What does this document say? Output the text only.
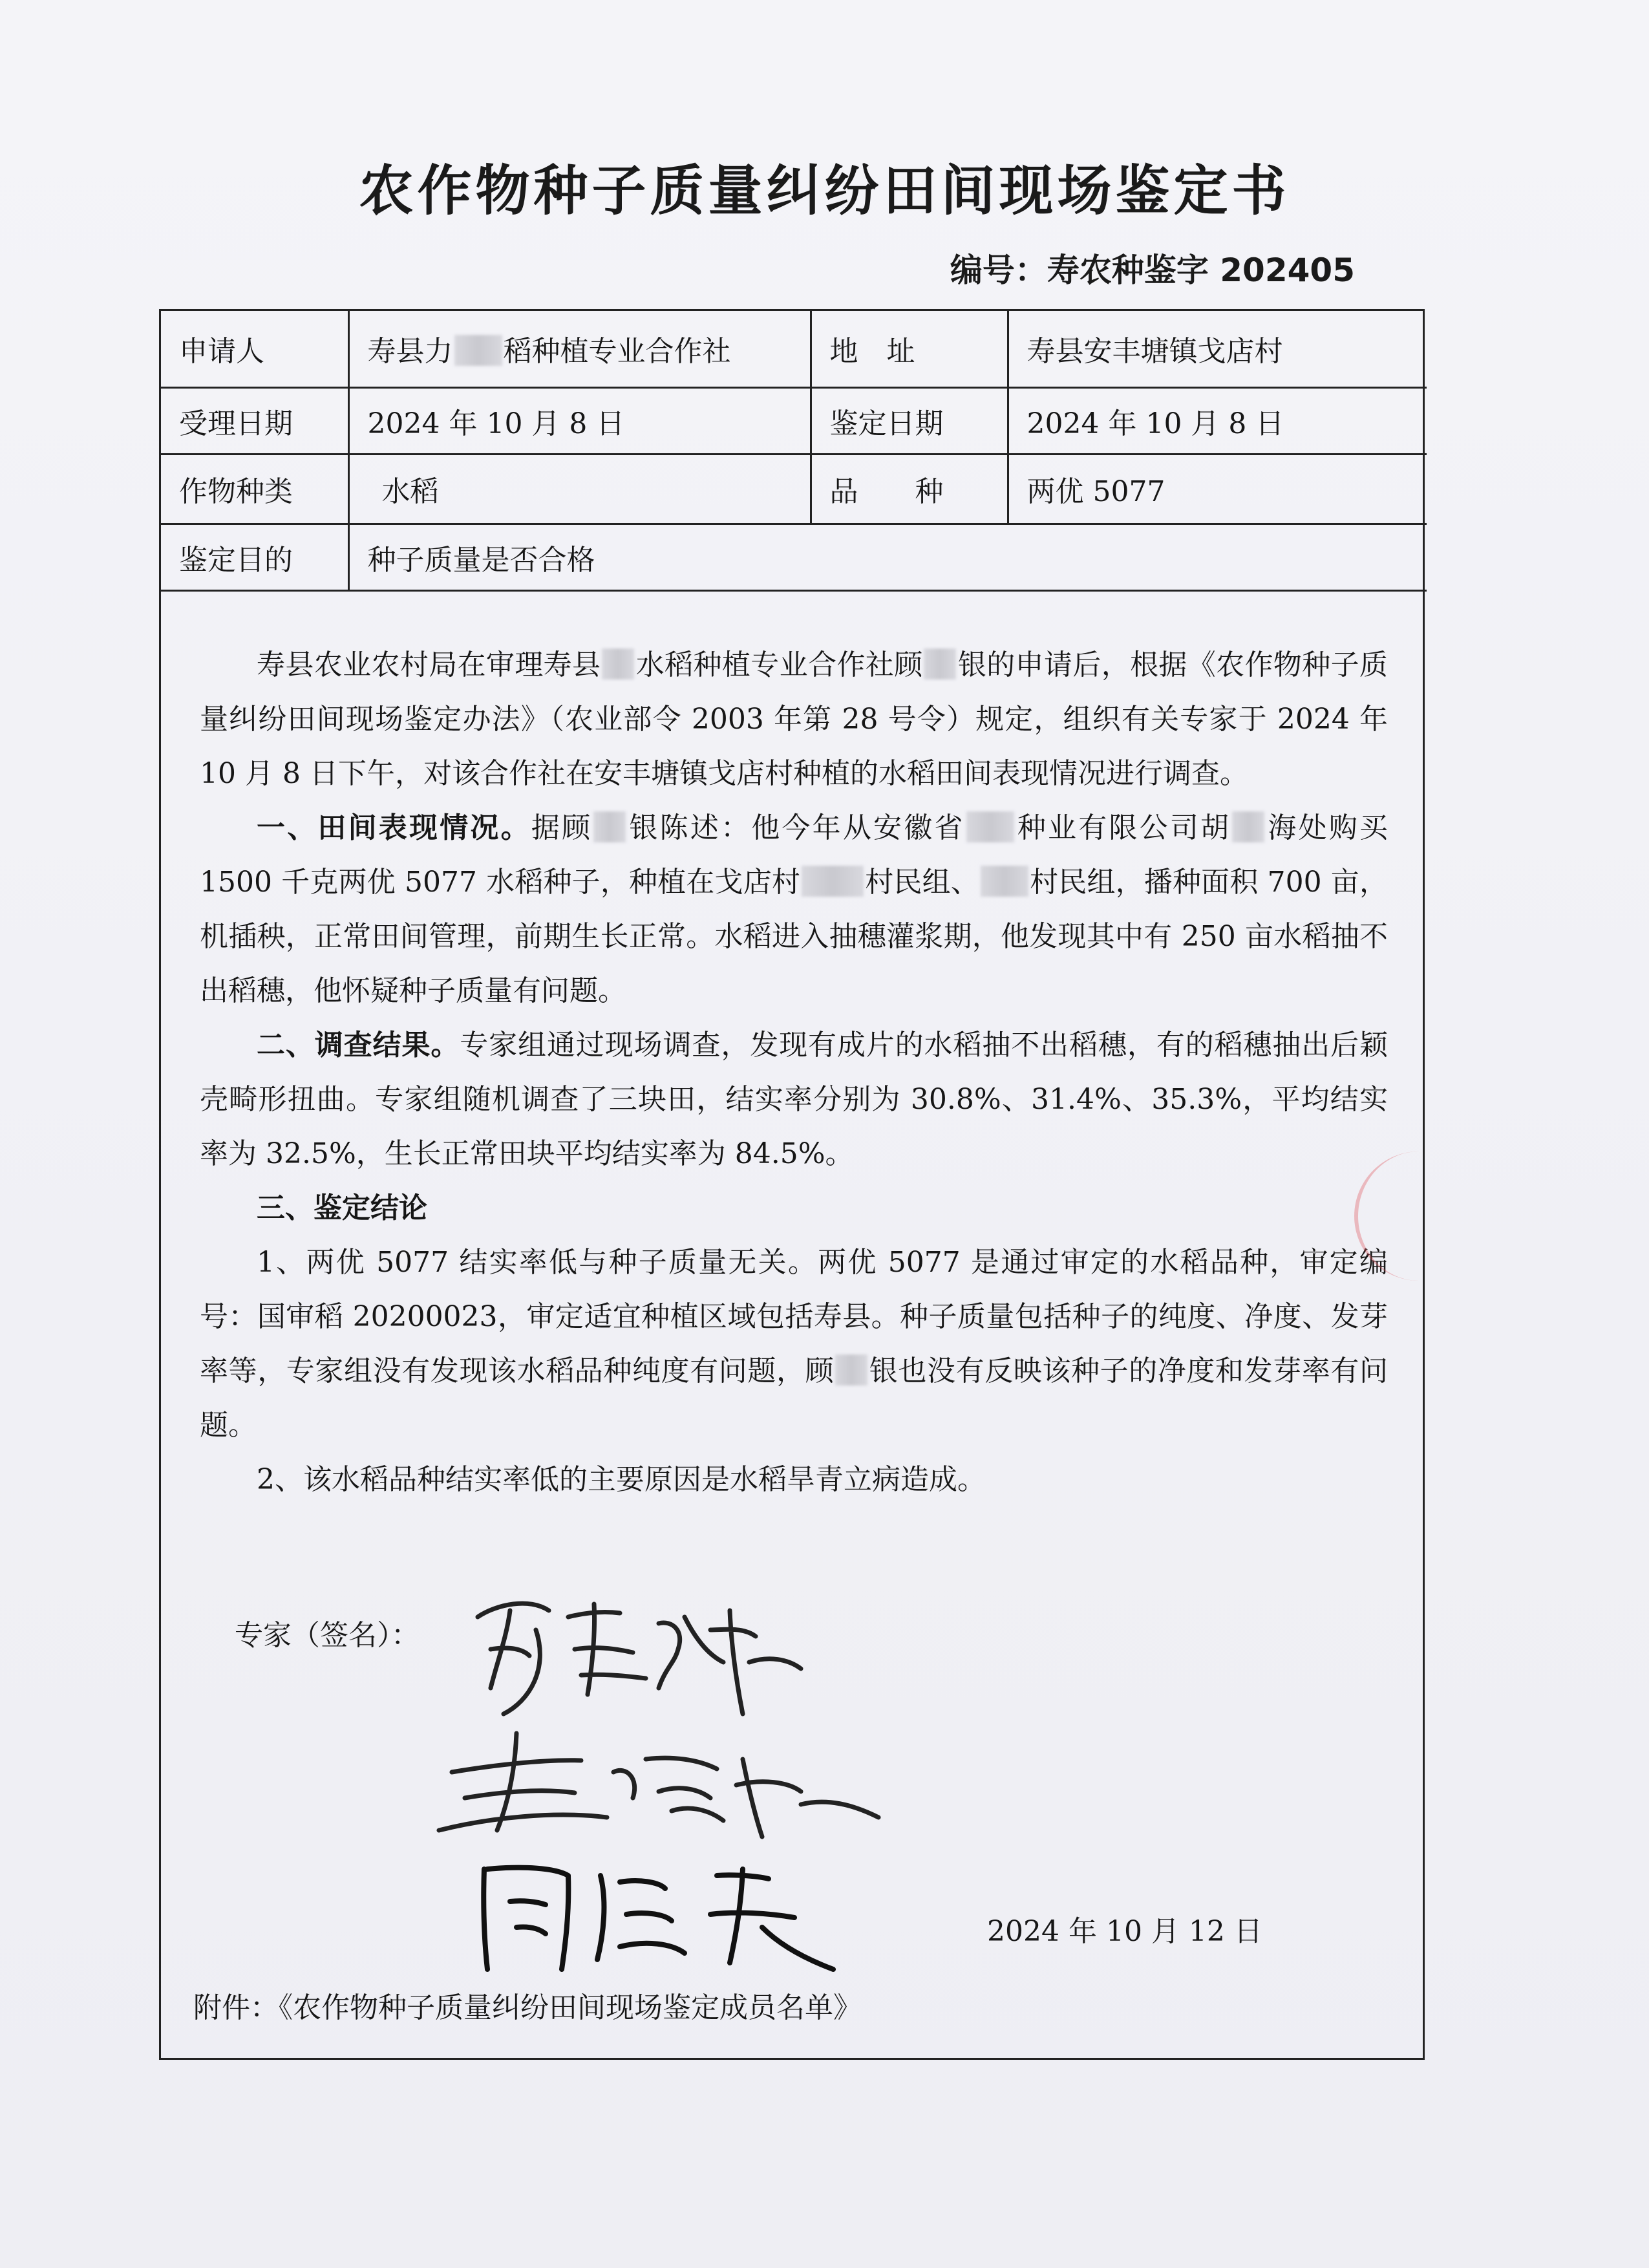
农作物种子质量纠纷田间现场鉴定书
编号：寿农种鉴字 202405
申请人	寿县力 稻种植专业合作社	地　址	寿县安丰塘镇戈店村
受理日期	2024 年 10 月 8 日	鉴定日期	2024 年 10 月 8 日
作物种类	水稻	品　　种	两优 5077
鉴定目的	种子质量是否合格		

寿县农业农村局在审理寿县 水稻种植专业合作社顾 银的申请后，根据《农作物种子质量纠纷田间现场鉴定办法》（农业部令 2003 年第 28 号令）规定，组织有关专家于 2024 年 10 月 8 日下午，对该合作社在安丰塘镇戈店村种植的水稻田间表现情况进行调查。

一、田间表现情况。据顾 银陈述：他今年从安徽省 种业有限公司胡 海处购买 1500 千克两优 5077 水稻种子，种植在戈店村 村民组、 村民组，播种面积 700 亩，机插秧，正常田间管理，前期生长正常。水稻进入抽穗灌浆期，他发现其中有 250 亩水稻抽不出稻穗，他怀疑种子质量有问题。

二、调查结果。专家组通过现场调查，发现有成片的水稻抽不出稻穗，有的稻穗抽出后颖壳畸形扭曲。专家组随机调查了三块田，结实率分别为 30.8%、31.4%、35.3%，平均结实率为 32.5%，生长正常田块平均结实率为 84.5%。

三、鉴定结论

1、两优 5077 结实率低与种子质量无关。两优 5077 是通过审定的水稻品种，审定编号：国审稻 20200023，审定适宜种植区域包括寿县。种子质量包括种子的纯度、净度、发芽率等，专家组没有发现该水稻品种纯度有问题，顾 银也没有反映该种子的净度和发芽率有问题。

2、该水稻品种结实率低的主要原因是水稻旱青立病造成。

专家（签名）：
2024 年 10 月 12 日
附件：《农作物种子质量纠纷田间现场鉴定成员名单》
